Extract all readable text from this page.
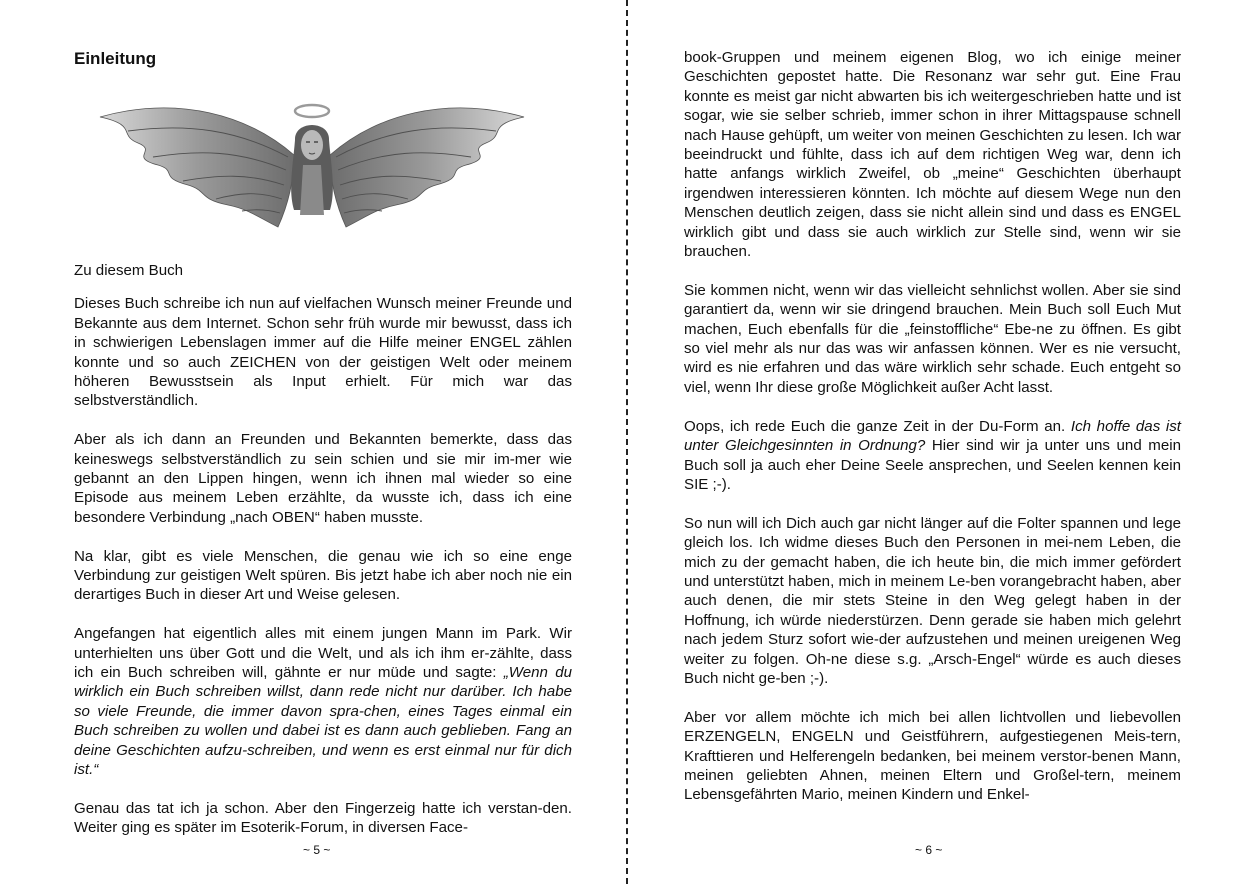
Einleitung

Zu diesem Buch

Dieses Buch schreibe ich nun auf vielfachen Wunsch meiner Freunde und Bekannte aus dem Internet. Schon sehr früh wurde mir bewusst, dass ich in schwierigen Lebenslagen immer auf die Hilfe meiner ENGEL zählen konnte und so auch ZEICHEN von der geistigen Welt oder meinem höheren Bewusstsein als Input erhielt. Für mich war das selbstverständlich.

Aber als ich dann an Freunden und Bekannten bemerkte, dass das keineswegs selbstverständlich zu sein schien und sie mir im-mer wie gebannt an den Lippen hingen, wenn ich ihnen mal wieder so eine Episode aus meinem Leben erzählte, da wusste ich, dass ich eine besondere Verbindung „nach OBEN“ haben musste.

Na klar, gibt es viele Menschen, die genau wie ich so eine enge Verbindung zur geistigen Welt spüren. Bis jetzt habe ich aber noch nie ein derartiges Buch in dieser Art und Weise gelesen.

Angefangen hat eigentlich alles mit einem jungen Mann im Park. Wir unterhielten uns über Gott und die Welt, und als ich ihm er-zählte, dass ich ein Buch schreiben will, gähnte er nur müde und sagte: „Wenn du wirklich ein Buch schreiben willst, dann rede nicht nur darüber. Ich habe so viele Freunde, die immer davon spra-chen, eines Tages einmal ein Buch schreiben zu wollen und dabei ist es dann auch geblieben. Fang an deine Geschichten aufzu-schreiben, und wenn es erst einmal nur für dich ist.“

Genau das tat ich ja schon. Aber den Fingerzeig hatte ich verstan-den. Weiter ging es später im Esoterik-Forum, in diversen Face-

~ 5 ~

book-Gruppen und meinem eigenen Blog, wo ich einige meiner Geschichten gepostet hatte. Die Resonanz war sehr gut. Eine Frau konnte es meist gar nicht abwarten bis ich weitergeschrieben hatte und ist sogar, wie sie selber schrieb, immer schon in ihrer Mittagspause schnell nach Hause gehüpft, um weiter von meinen Geschichten zu lesen. Ich war beeindruckt und fühlte, dass ich auf dem richtigen Weg war, denn ich hatte anfangs wirklich Zweifel, ob „meine“ Geschichten überhaupt irgendwen interessieren könnten. Ich möchte auf diesem Wege nun den Menschen deutlich zeigen, dass sie nicht allein sind und dass es ENGEL wirklich gibt und dass sie auch wirklich zur Stelle sind, wenn wir sie brauchen.

Sie kommen nicht, wenn wir das vielleicht sehnlichst wollen. Aber sie sind garantiert da, wenn wir sie dringend brauchen. Mein Buch soll Euch Mut machen, Euch ebenfalls für die „feinstoffliche“ Ebe-ne zu öffnen. Es gibt so viel mehr als nur das was wir anfassen können. Wer es nie versucht, wird es nie erfahren und das wäre wirklich sehr schade. Euch entgeht so viel, wenn Ihr diese große Möglichkeit außer Acht lasst.

Oops, ich rede Euch die ganze Zeit in der Du-Form an. Ich hoffe das ist unter Gleichgesinnten in Ordnung? Hier sind wir ja unter uns und mein Buch soll ja auch eher Deine Seele ansprechen, und Seelen kennen kein SIE ;-).

So nun will ich Dich auch gar nicht länger auf die Folter spannen und lege gleich los. Ich widme dieses Buch den Personen in mei-nem Leben, die mich zu der gemacht haben, die ich heute bin, die mich immer gefördert und unterstützt haben, mich in meinem Le-ben vorangebracht haben, aber auch denen, die mir stets Steine in den Weg gelegt haben in der Hoffnung, ich würde niederstürzen. Denn gerade sie haben mich gelehrt nach jedem Sturz sofort wie-der aufzustehen und meinen ureigenen Weg weiter zu folgen. Oh-ne diese s.g. „Arsch-Engel“ würde es auch dieses Buch nicht ge-ben ;-).

Aber vor allem möchte ich mich bei allen lichtvollen und liebevollen ERZENGELN, ENGELN und Geistführern, aufgestiegenen Meis-tern, Krafttieren und Helferengeln bedanken, bei meinem verstor-benen Mann, meinen geliebten Ahnen, meinen Eltern und Großel-tern, meinem Lebensgefährten Mario, meinen Kindern und Enkel-

~ 6 ~
